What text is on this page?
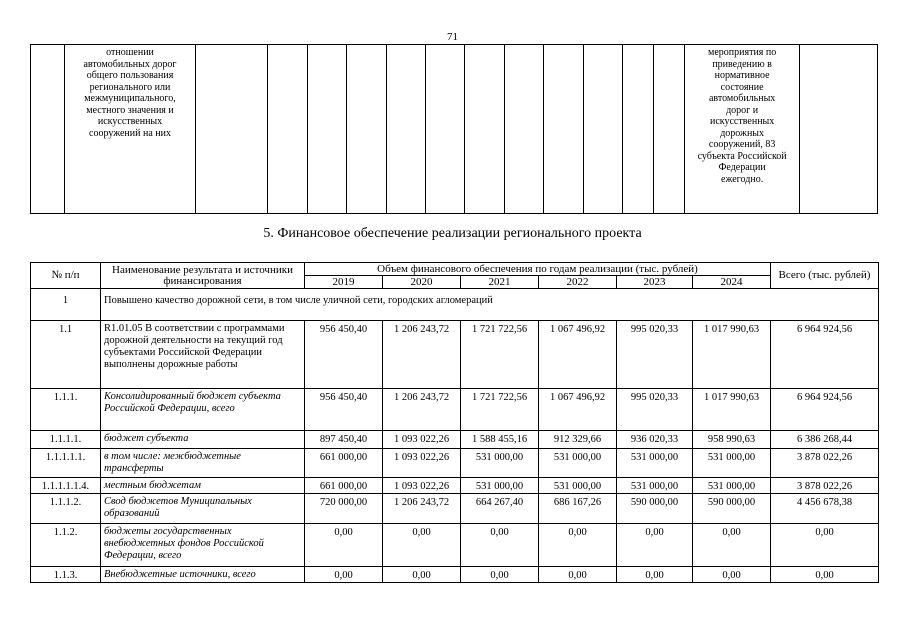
71

отношении
автомобильных дорог
общего пользования
регионального или
межмуниципального,
местного значения и
искусственных
сооружений на них

мероприятия по
приведению в
нормативное
состояние
автомобильных
дорог и
искусственных
дорожных
сооружений, 83
субъекта Российской
Федерации
ежегодно.

5. Финансовое обеспечение реализации регионального проекта
№ п/п	Наименование результата и источники финансирования	Объем финансового обеспечения по годам реализации (тыс. рублей)						Всего (тыс. рублей)
		2019	2020	2021	2022	2023	2024	
1	Повышено качество дорожной сети, в том числе уличной сети, городских агломераций							
1.1	R1.01.05 В соответствии с программами дорожной деятельности на текущий год субъектами Российской Федерации выполнены дорожные работы	956 450,40	1 206 243,72	1 721 722,56	1 067 496,92	995 020,33	1 017 990,63	6 964 924,56
1.1.1.	Консолидированный бюджет субъекта Российской Федерации, всего	956 450,40	1 206 243,72	1 721 722,56	1 067 496,92	995 020,33	1 017 990,63	6 964 924,56
1.1.1.1.	бюджет субъекта	897 450,40	1 093 022,26	1 588 455,16	912 329,66	936 020,33	958 990,63	6 386 268,44
1.1.1.1.1.	в том числе: межбюджетные трансферты	661 000,00	1 093 022,26	531 000,00	531 000,00	531 000,00	531 000,00	3 878 022,26
1.1.1.1.1.4.	местным бюджетам	661 000,00	1 093 022,26	531 000,00	531 000,00	531 000,00	531 000,00	3 878 022,26
1.1.1.2.	Свод бюджетов Муниципальных образований	720 000,00	1 206 243,72	664 267,40	686 167,26	590 000,00	590 000,00	4 456 678,38
1.1.2.	бюджеты государственных внебюджетных фондов Российской Федерации, всего	0,00	0,00	0,00	0,00	0,00	0,00	0,00
1.1.3.	Внебюджетные источники, всего	0,00	0,00	0,00	0,00	0,00	0,00	0,00
